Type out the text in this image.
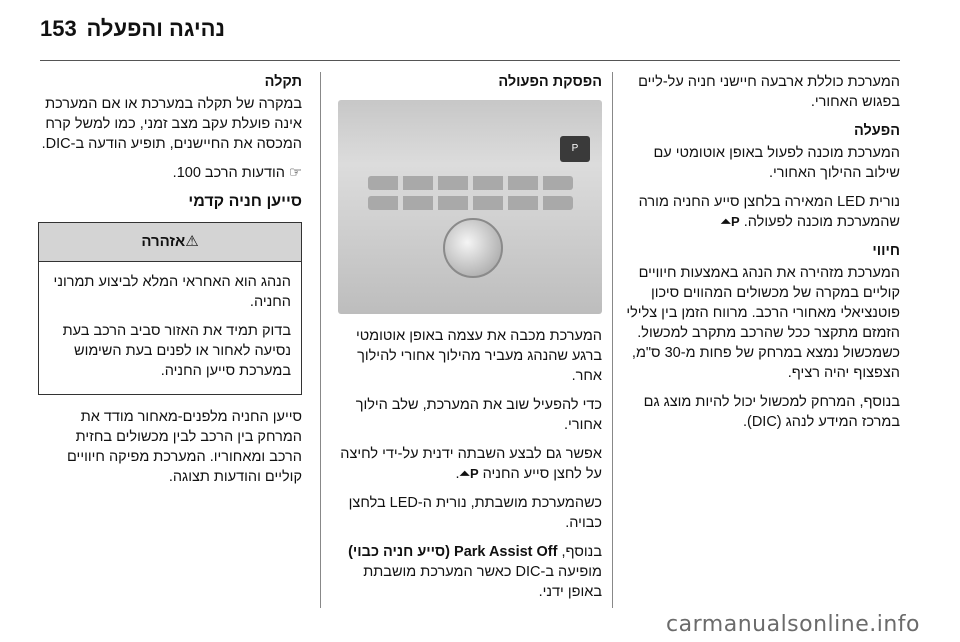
153 נהיגה והפעלה

המערכת כוללת ארבעה חיישני חניה על-ליים בפגוש האחורי.

הפעלה

המערכת מוכנה לפעול באופן אוטומטי עם שילוב ההילוך האחורי.

נורית LED המאירה בלחצן סייע החניה מורה שהמערכת מוכנה לפעולה. P⏶

חיווי

המערכת מזהירה את הנהג באמצעות חיוויים קוליים במקרה של מכשולים המהווים סיכון פוטנציאלי מאחורי הרכב. מרווח הזמן בין צלילי הזמזם מתקצר ככל שהרכב מתקרב למכשול. כשמכשול נמצא במרחק של פחות מ-30 ס"מ, הצפצוף יהיה רציף.

בנוסף, המרחק למכשול יכול להיות מוצג גם במרכז המידע לנהג (DIC).

הפסקת הפעולה
P

המערכת מכבה את עצמה באופן אוטומטי ברגע שהנהג מעביר מהילוך אחורי להילוך אחר.

כדי להפעיל שוב את המערכת, שלב הילוך אחורי.

אפשר גם לבצע השבתה ידנית על-ידי לחיצה על לחצן סייע החניה P⏶.

כשהמערכת מושבתת, נורית ה-LED בלחצן כבויה.

בנוסף, Park Assist Off (סייע חניה כבוי) מופיעה ב-DIC כאשר המערכת מושבתת באופן ידני.

תקלה

במקרה של תקלה במערכת או אם המערכת אינה פועלת עקב מצב זמני, כמו למשל קרח המכסה את החיישנים, תופיע הודעה ב-DIC.

☞ הודעות הרכב 100.

סייען חניה קדמי
⚠אזהרה

הנהג הוא האחראי המלא לביצוע תמרוני החניה.

בדוק תמיד את האזור סביב הרכב בעת נסיעה לאחור או לפנים בעת השימוש במערכת סייען החניה.

סייען החניה מלפנים-מאחור מודד את המרחק בין הרכב לבין מכשולים בחזית הרכב ומאחוריו. המערכת מפיקה חיוויים קוליים והודעות תצוגה.

carmanualsonline.info
